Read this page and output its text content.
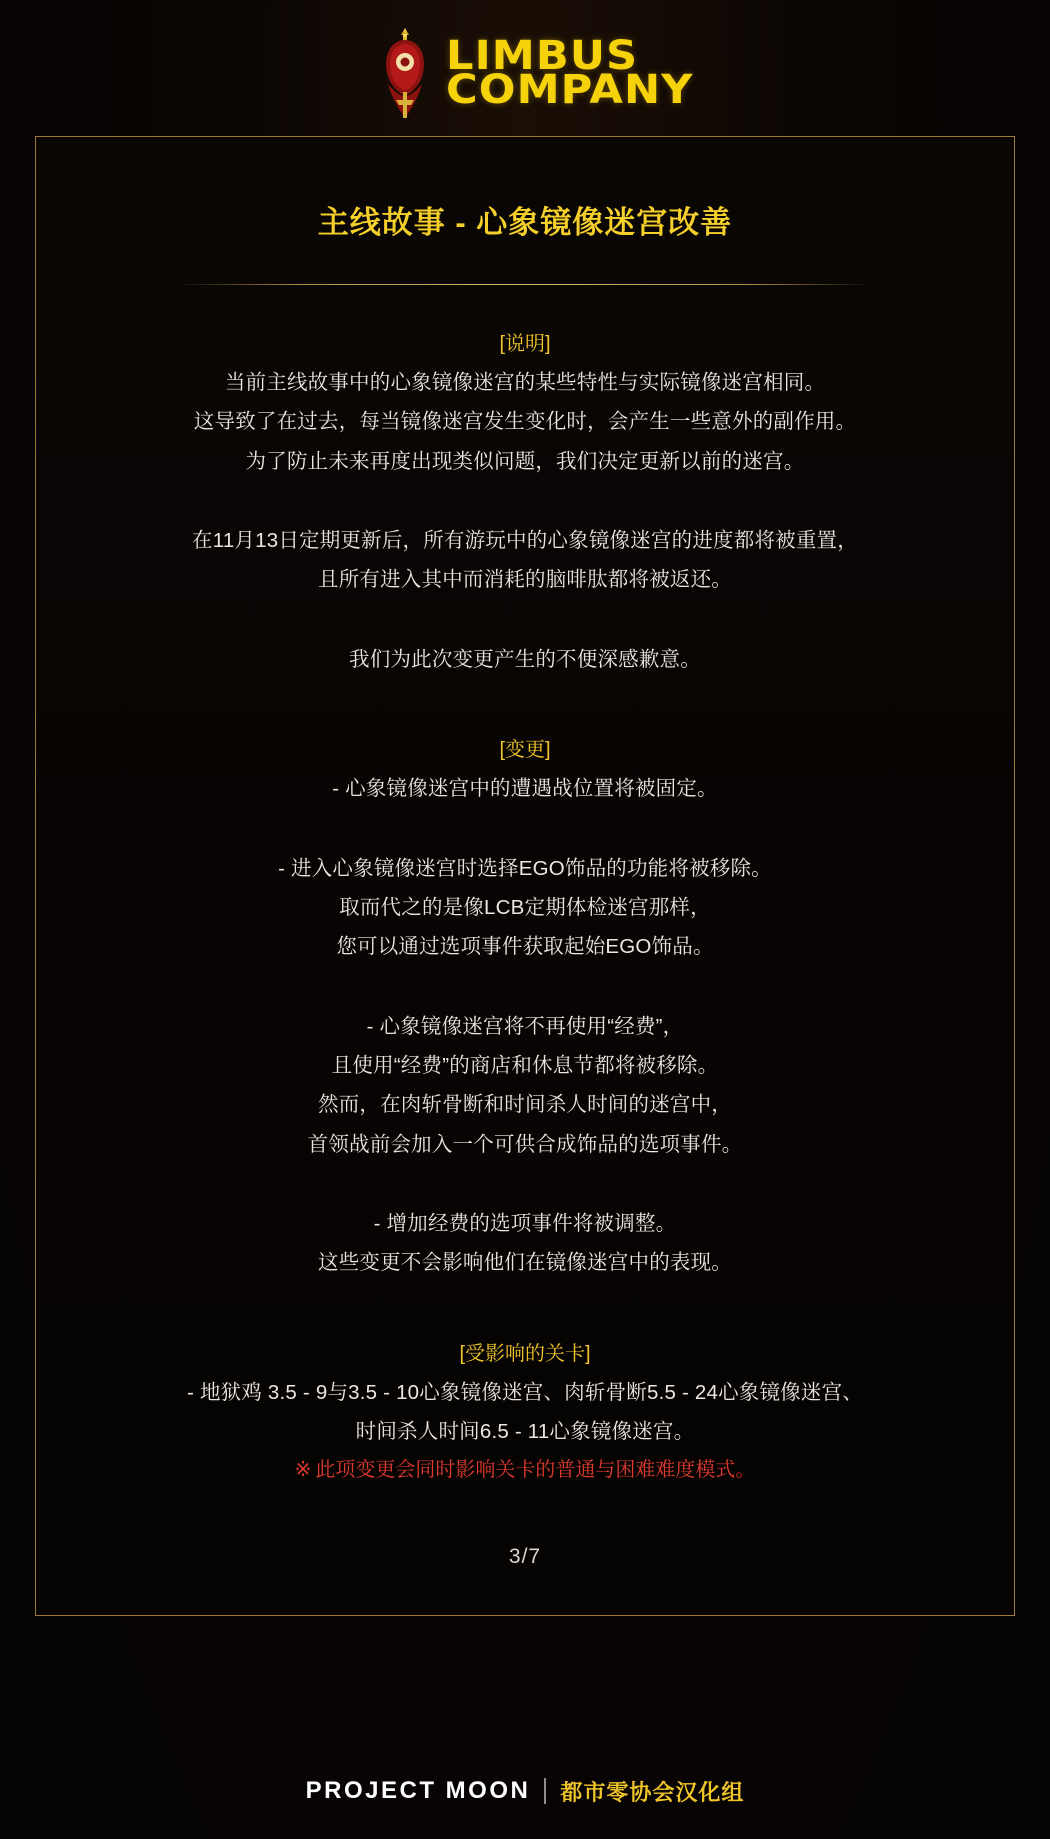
LIMBUS
COMPANY
主线故事 - 心象镜像迷宫改善

[说明]

当前主线故事中的心象镜像迷宫的某些特性与实际镜像迷宫相同。

这导致了在过去，每当镜像迷宫发生变化时，会产生一些意外的副作用。

为了防止未来再度出现类似问题，我们决定更新以前的迷宫。

在11月13日定期更新后，所有游玩中的心象镜像迷宫的进度都将被重置，

且所有进入其中而消耗的脑啡肽都将被返还。

我们为此次变更产生的不便深感歉意。

[变更]

- 心象镜像迷宫中的遭遇战位置将被固定。

- 进入心象镜像迷宫时选择EGO饰品的功能将被移除。

取而代之的是像LCB定期体检迷宫那样，

您可以通过选项事件获取起始EGO饰品。

- 心象镜像迷宫将不再使用“经费”，

且使用“经费”的商店和休息节都将被移除。

然而，在肉斩骨断和时间杀人时间的迷宫中，

首领战前会加入一个可供合成饰品的选项事件。

- 增加经费的选项事件将被调整。

这些变更不会影响他们在镜像迷宫中的表现。

[受影响的关卡]

- 地狱鸡 3.5 - 9与3.5 - 10心象镜像迷宫、肉斩骨断5.5 - 24心象镜像迷宫、

时间杀人时间6.5 - 11心象镜像迷宫。

※ 此项变更会同时影响关卡的普通与困难难度模式。

3/7
PROJECT MOON 都市零协会汉化组
